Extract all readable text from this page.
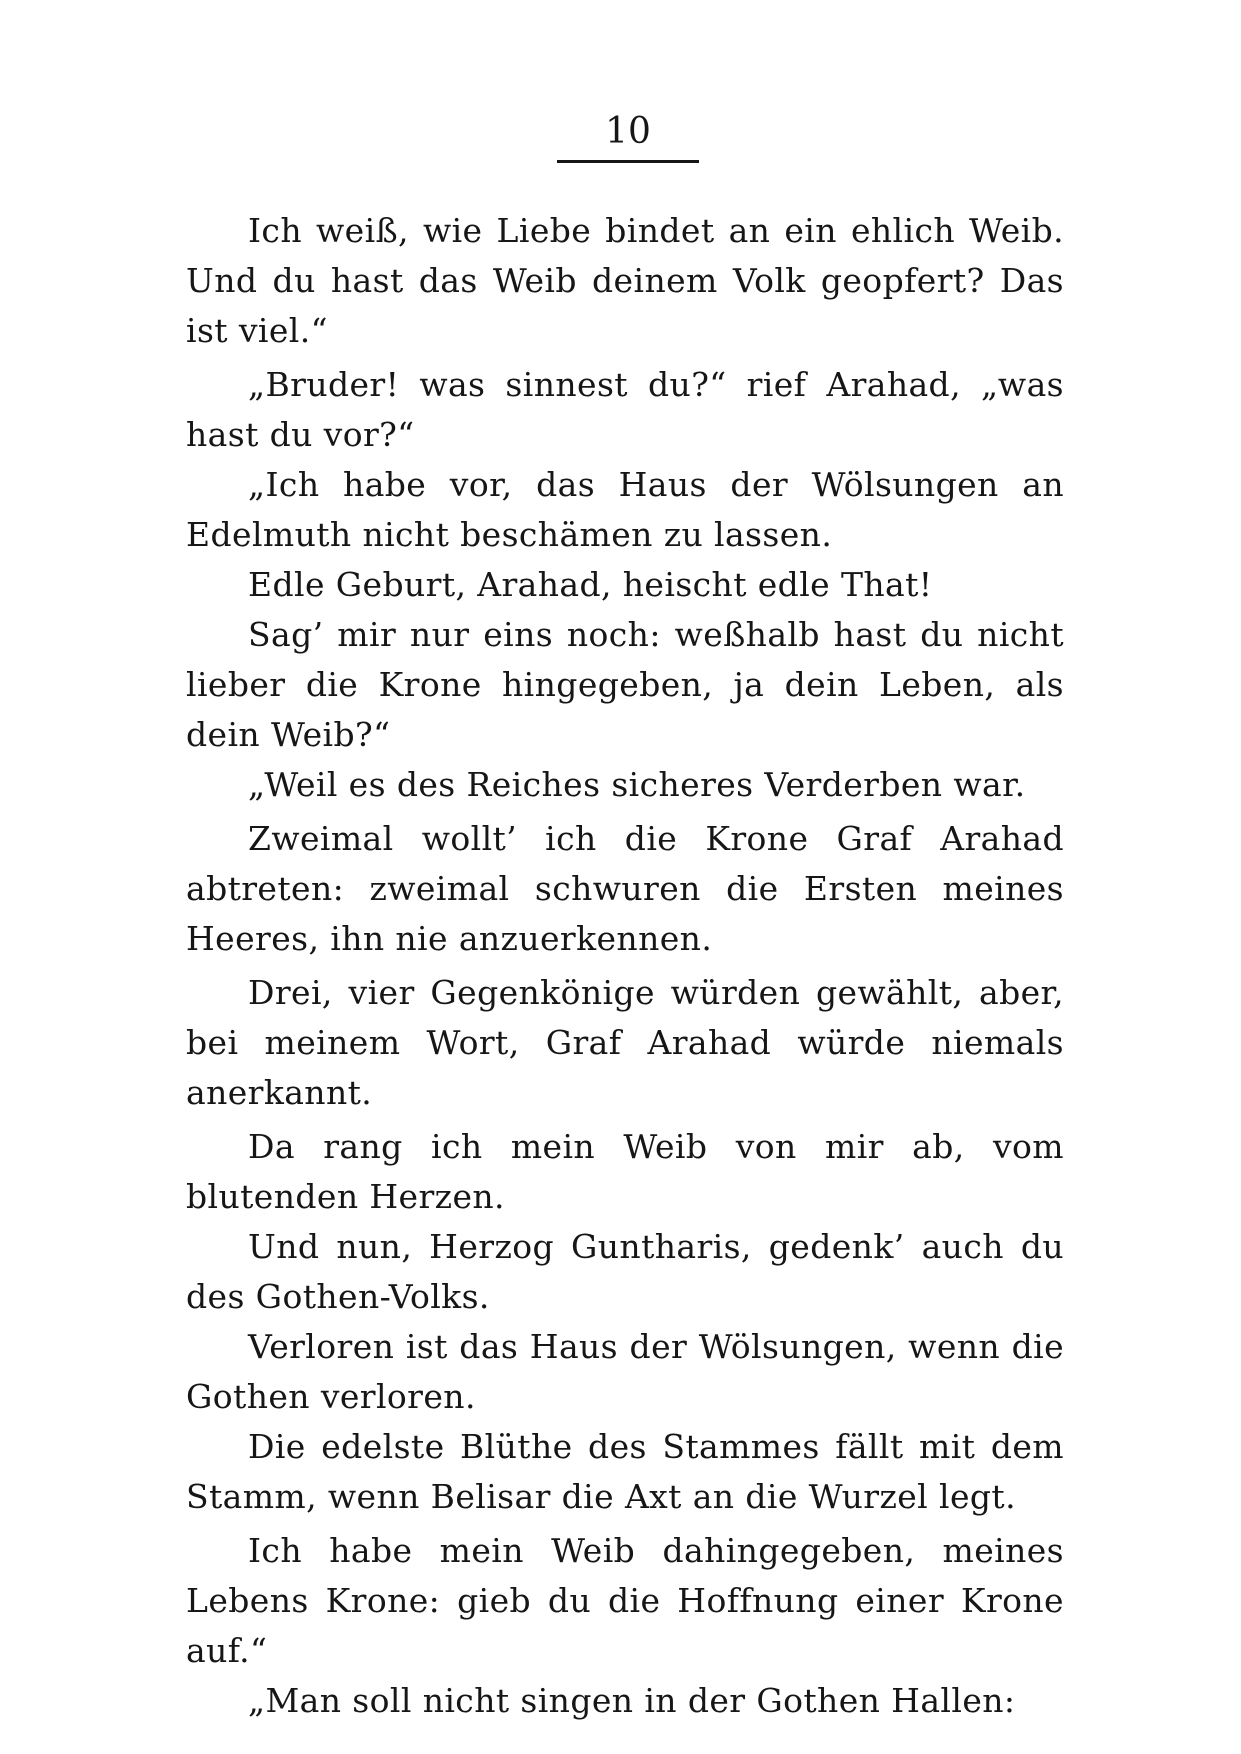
10

Ich weiß, wie Liebe bindet an ein ehlich Weib. Und du hast das Weib deinem Volk geopfert? Das ist viel.“

„Bruder! was sinnest du?“ rief Arahad, „was hast du vor?“

„Ich habe vor, das Haus der Wölsungen an Edelmuth nicht beschämen zu lassen.

Edle Geburt, Arahad, heischt edle That!

Sag’ mir nur eins noch: weßhalb hast du nicht lieber die Krone hingegeben, ja dein Leben, als dein Weib?“

„Weil es des Reiches sicheres Verderben war.

Zweimal wollt’ ich die Krone Graf Arahad abtreten: zweimal schwuren die Ersten meines Heeres, ihn nie anzuerkennen.

Drei, vier Gegenkönige würden gewählt, aber, bei meinem Wort, Graf Arahad würde niemals anerkannt.

Da rang ich mein Weib von mir ab, vom blutenden Herzen.

Und nun, Herzog Guntharis, gedenk’ auch du des Gothen-Volks.

Verloren ist das Haus der Wölsungen, wenn die Gothen verloren.

Die edelste Blüthe des Stammes fällt mit dem Stamm, wenn Belisar die Axt an die Wurzel legt.

Ich habe mein Weib dahingegeben, meines Lebens Krone: gieb du die Hoffnung einer Krone auf.“

„Man soll nicht singen in der Gothen Hallen:
